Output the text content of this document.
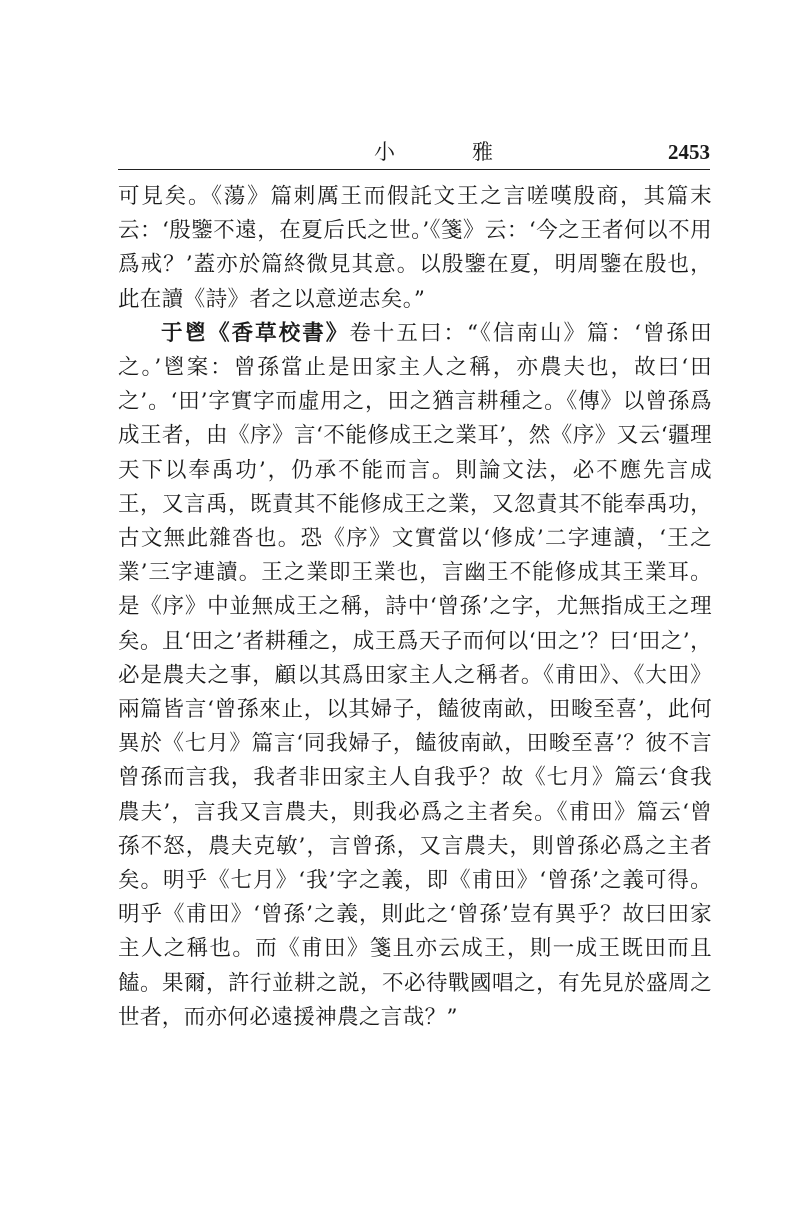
小　雅	2453

可見矣。《蕩》篇刺厲王而假託文王之言嗟嘆殷商，其篇末云：‘殷鑒不遠，在夏后氏之世。’《箋》云：‘今之王者何以不用爲戒？’蓋亦於篇終微見其意。以殷鑒在夏，明周鑒在殷也，此在讀《詩》者之以意逆志矣。”

于鬯《香草校書》卷十五曰：“《信南山》篇：‘曾孫田之。’鬯案：曾孫當止是田家主人之稱，亦農夫也，故曰‘田之’。‘田’字實字而虛用之，田之猶言耕種之。《傳》以曾孫爲成王者，由《序》言‘不能修成王之業耳’，然《序》又云‘疆理天下以奉禹功’，仍承不能而言。則論文法，必不應先言成王，又言禹，既責其不能修成王之業，又忽責其不能奉禹功，古文無此雜沓也。恐《序》文實當以‘修成’二字連讀，‘王之業’三字連讀。王之業即王業也，言幽王不能修成其王業耳。是《序》中並無成王之稱，詩中‘曾孫’之字，尤無指成王之理矣。且‘田之’者耕種之，成王爲天子而何以‘田之’？曰‘田之’，必是農夫之事，顧以其爲田家主人之稱者。《甫田》、《大田》兩篇皆言‘曾孫來止，以其婦子，饁彼南畝，田畯至喜’，此何異於《七月》篇言‘同我婦子，饁彼南畝，田畯至喜’？彼不言曾孫而言我，我者非田家主人自我乎？故《七月》篇云‘食我農夫’，言我又言農夫，則我必爲之主者矣。《甫田》篇云‘曾孫不怒，農夫克敏’，言曾孫，又言農夫，則曾孫必爲之主者矣。明乎《七月》‘我’字之義，即《甫田》‘曾孫’之義可得。明乎《甫田》‘曾孫’之義，則此之‘曾孫’豈有異乎？故曰田家主人之稱也。而《甫田》箋且亦云成王，則一成王既田而且饁。果爾，許行並耕之説，不必待戰國唱之，有先見於盛周之世者，而亦何必遠援神農之言哉？”
